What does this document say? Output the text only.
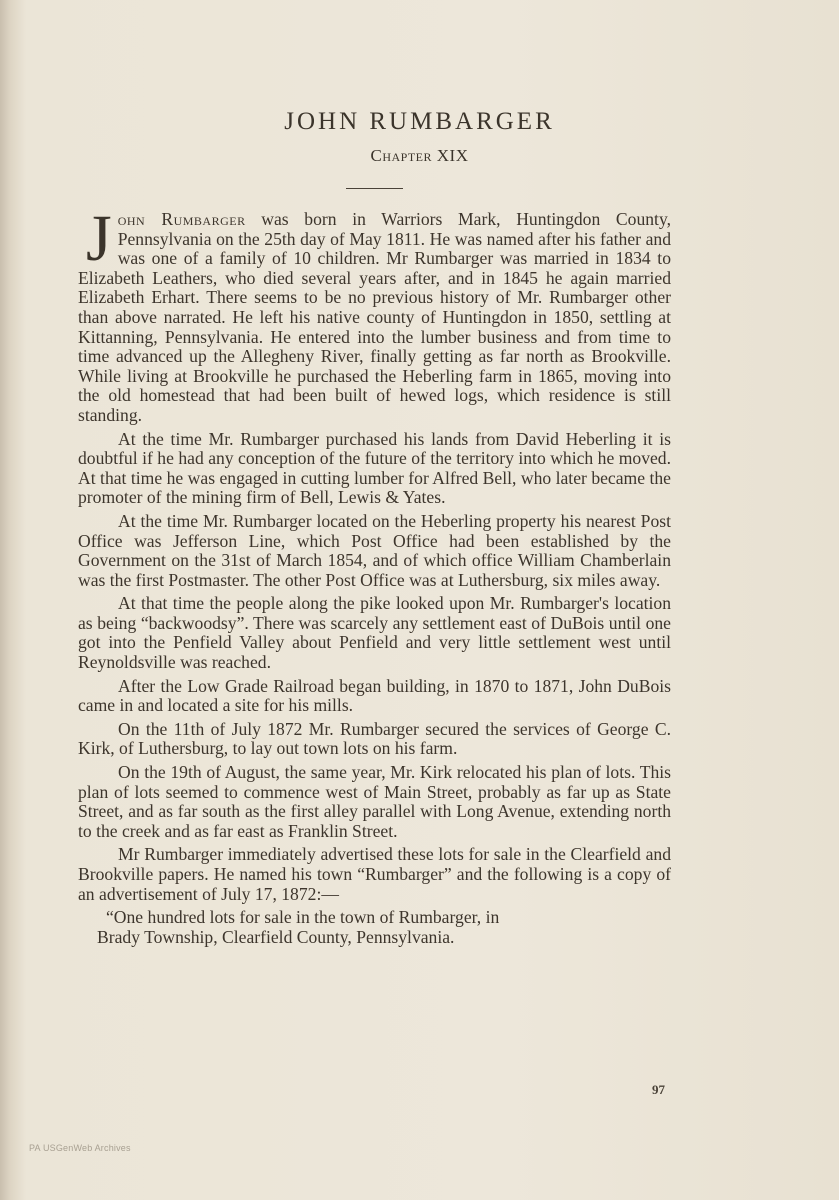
JOHN RUMBARGER
Chapter XIX

John Rumbarger was born in Warriors Mark, Huntingdon County, Pennsylvania on the 25th day of May 1811. He was named after his father and was one of a family of 10 children. Mr Rumbarger was married in 1834 to Elizabeth Leathers, who died several years after, and in 1845 he again married Elizabeth Erhart. There seems to be no previous history of Mr. Rumbarger other than above narrated. He left his native county of Huntingdon in 1850, settling at Kittanning, Pennsylvania. He entered into the lumber business and from time to time advanced up the Allegheny River, finally getting as far north as Brookville. While living at Brookville he purchased the Heberling farm in 1865, moving into the old homestead that had been built of hewed logs, which residence is still standing.

At the time Mr. Rumbarger purchased his lands from David Heberling it is doubtful if he had any conception of the future of the territory into which he moved. At that time he was engaged in cutting lumber for Alfred Bell, who later became the promoter of the mining firm of Bell, Lewis & Yates.

At the time Mr. Rumbarger located on the Heberling property his nearest Post Office was Jefferson Line, which Post Office had been established by the Government on the 31st of March 1854, and of which office William Chamberlain was the first Postmaster. The other Post Office was at Luthersburg, six miles away.

At that time the people along the pike looked upon Mr. Rumbarger's location as being “backwoodsy”. There was scarcely any settlement east of DuBois until one got into the Penfield Valley about Penfield and very little settlement west until Reynoldsville was reached.

After the Low Grade Railroad began building, in 1870 to 1871, John DuBois came in and located a site for his mills.

On the 11th of July 1872 Mr. Rumbarger secured the services of George C. Kirk, of Luthersburg, to lay out town lots on his farm.

On the 19th of August, the same year, Mr. Kirk relocated his plan of lots. This plan of lots seemed to commence west of Main Street, probably as far up as State Street, and as far south as the first alley parallel with Long Avenue, extending north to the creek and as far east as Franklin Street.

Mr Rumbarger immediately advertised these lots for sale in the Clearfield and Brookville papers. He named his town “Rumbarger” and the following is a copy of an advertisement of July 17, 1872:—

“One hundred lots for sale in the town of Rumbarger, in

Brady Township, Clearfield County, Pennsylvania.

97
PA USGenWeb Archives
